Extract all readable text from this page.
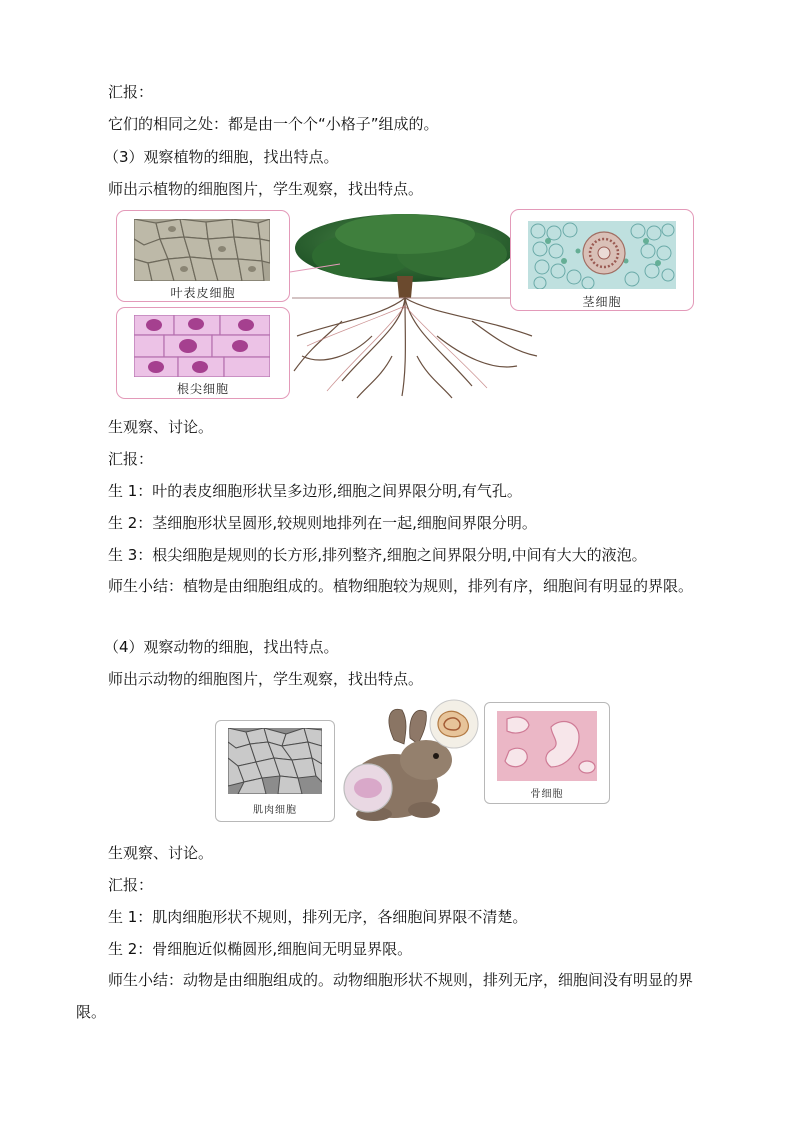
汇报：
它们的相同之处：都是由一个个“小格子”组成的。
（3）观察植物的细胞，找出特点。
师出示植物的细胞图片，学生观察，找出特点。
叶表皮细胞
根尖细胞
茎细胞
生观察、讨论。
汇报：
生 1：叶的表皮细胞形状呈多边形,细胞之间界限分明,有气孔。
生 2：茎细胞形状呈圆形,较规则地排列在一起,细胞间界限分明。
生 3：根尖细胞是规则的长方形,排列整齐,细胞之间界限分明,中间有大大的液泡。
师生小结：植物是由细胞组成的。植物细胞较为规则，排列有序，细胞间有明显的界限。
（4）观察动物的细胞，找出特点。
师出示动物的细胞图片，学生观察，找出特点。
肌肉细胞
骨细胞
生观察、讨论。
汇报：
生 1：肌肉细胞形状不规则，排列无序，各细胞间界限不清楚。
生 2：骨细胞近似椭圆形,细胞间无明显界限。
师生小结：动物是由细胞组成的。动物细胞形状不规则，排列无序，细胞间没有明显的界限。
